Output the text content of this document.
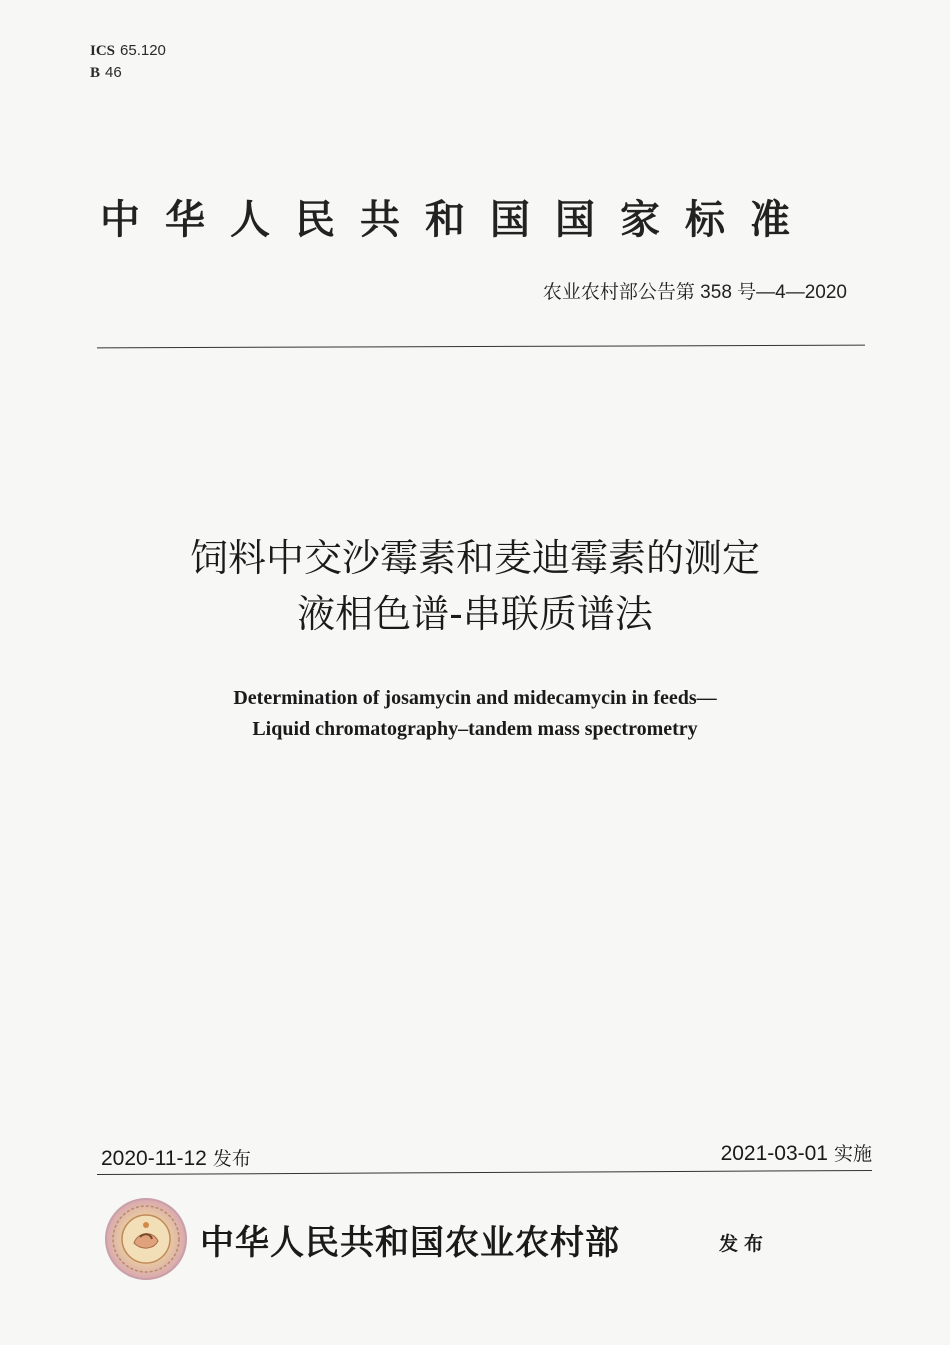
ICS 65.120
B 46
中华人民共和国国家标准
农业农村部公告第 358 号—4—2020
饲料中交沙霉素和麦迪霉素的测定
液相色谱-串联质谱法
Determination of josamycin and midecamycin in feeds—
Liquid chromatography–tandem mass spectrometry
2020-11-12 发布	2021-03-01 实施
中华人民共和国农业农村部	发布
